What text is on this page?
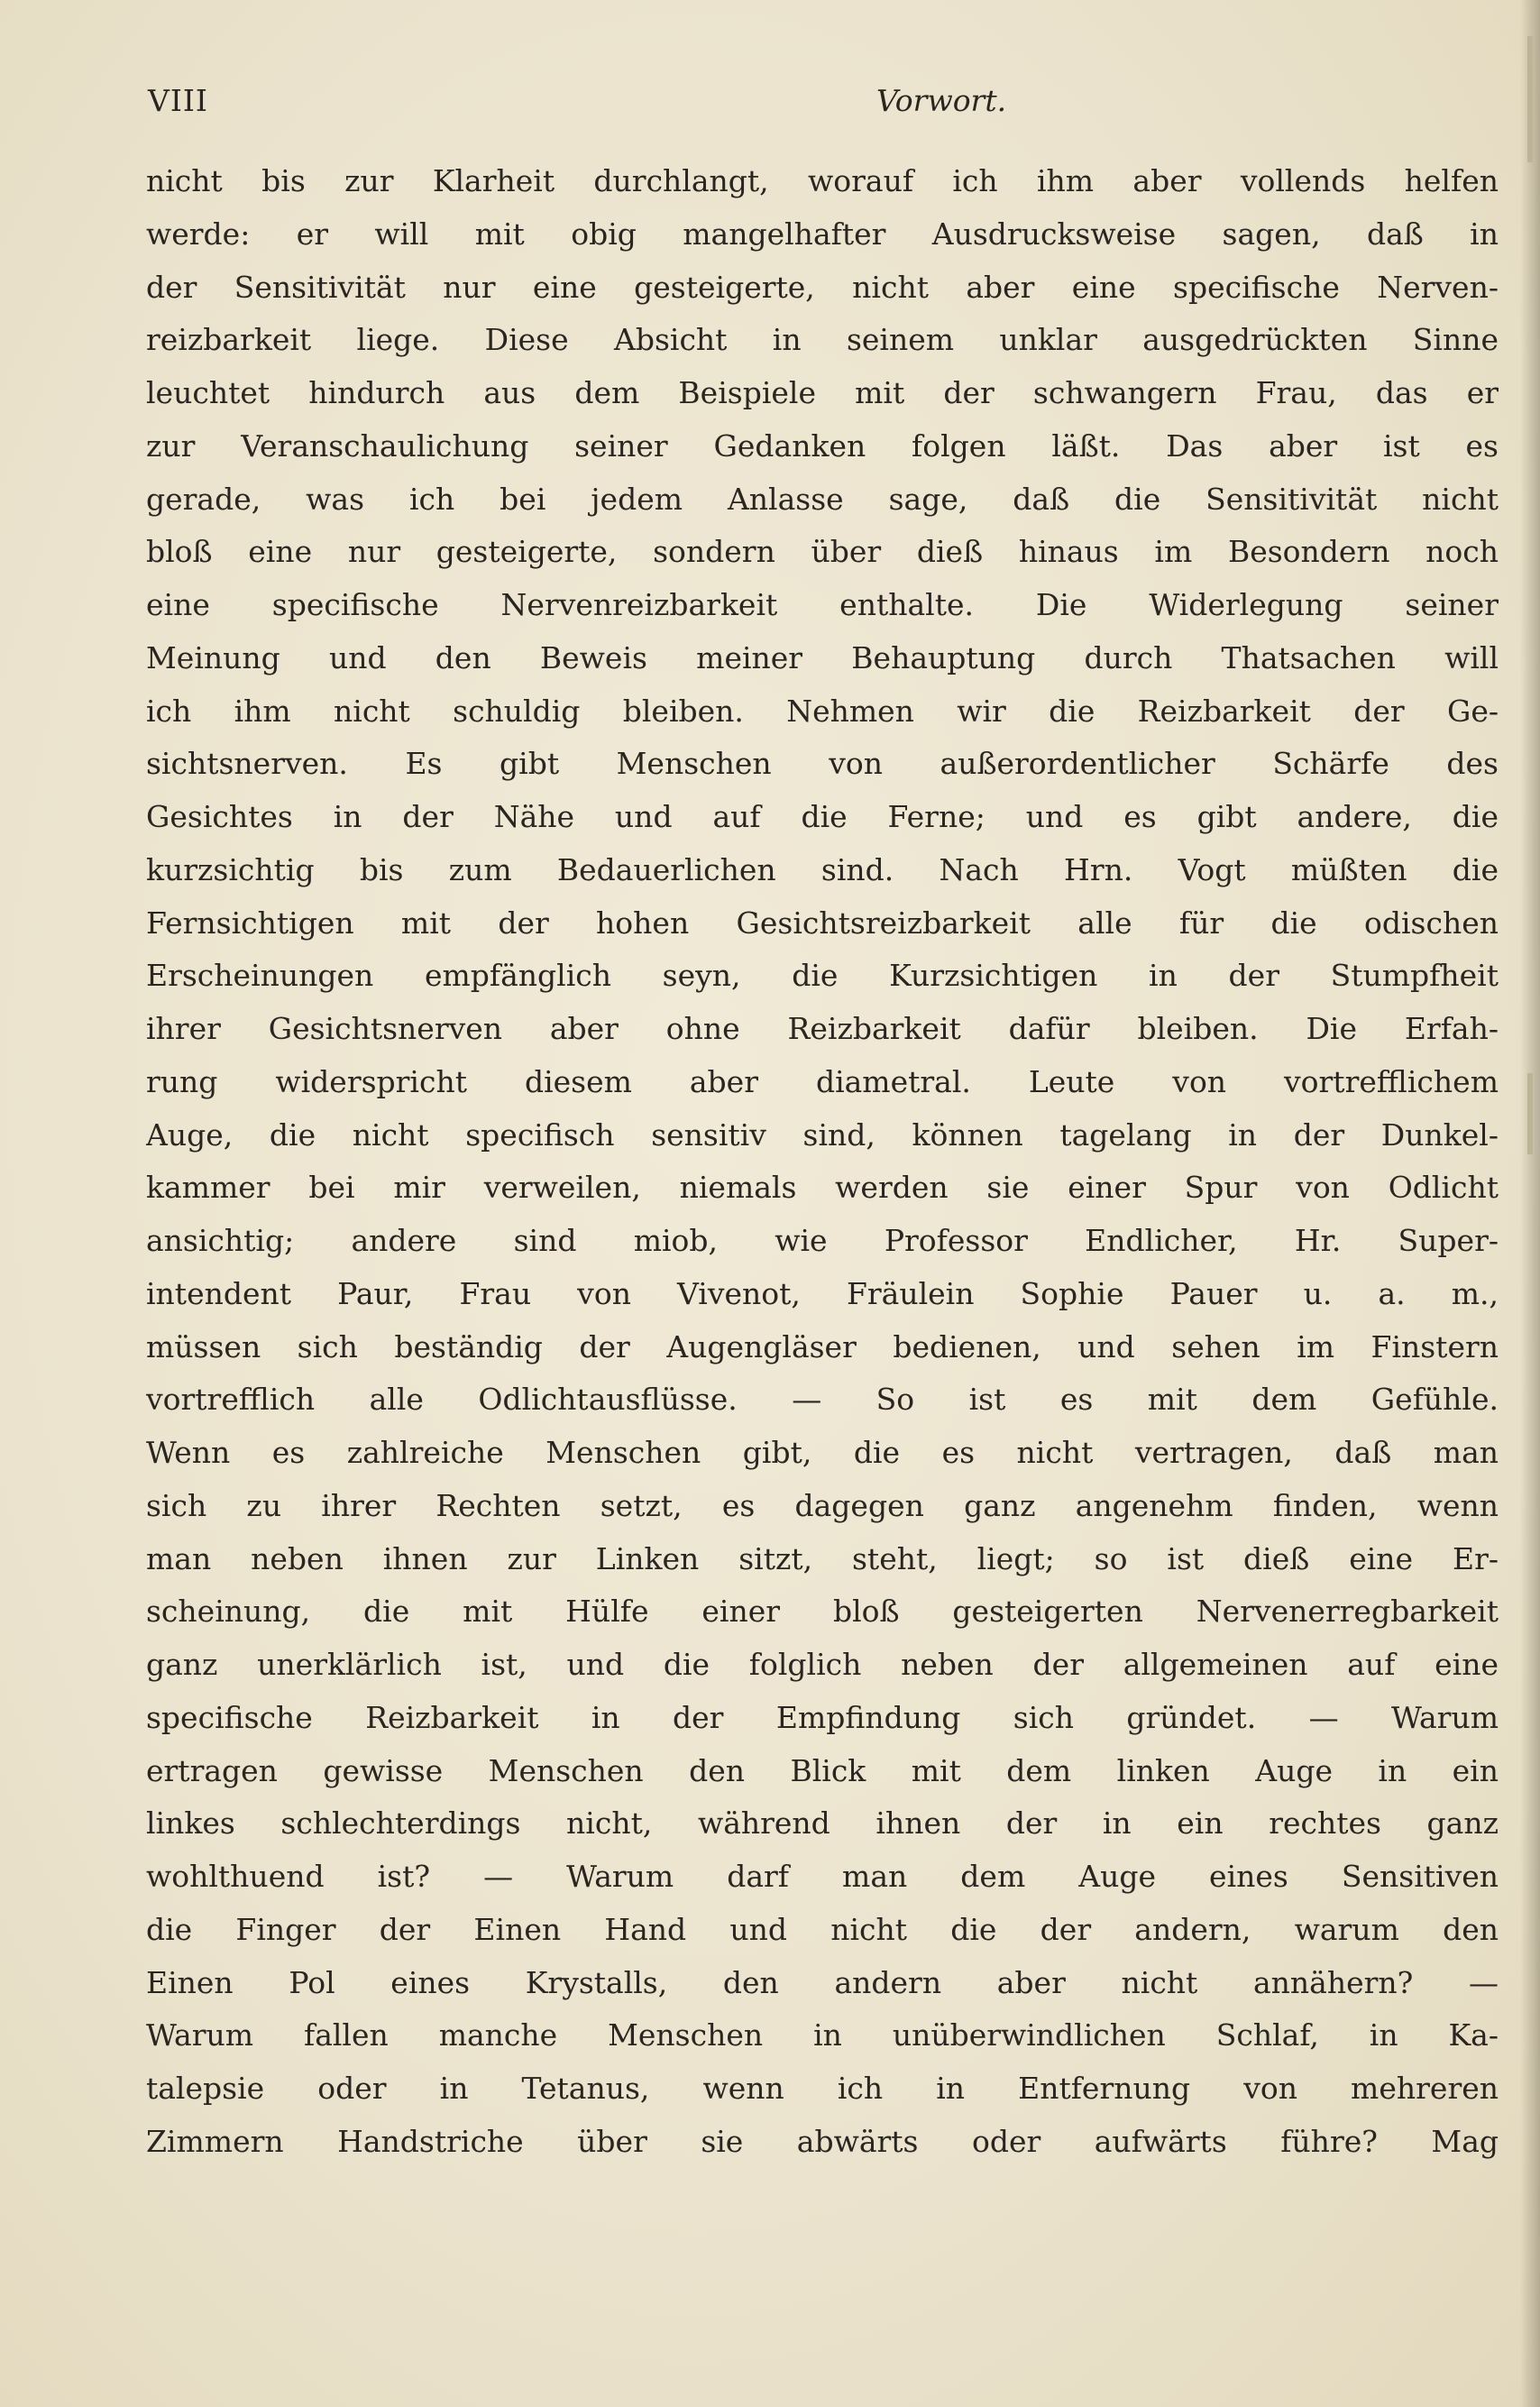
VIII	Vorwort.
nicht bis zur Klarheit durchlangt, worauf ich ihm aber vollends helfen
werde: er will mit obig mangelhafter Ausdrucksweise sagen, daß in
der Sensitivität nur eine gesteigerte, nicht aber eine specifische Nerven-
reizbarkeit liege. Diese Absicht in seinem unklar ausgedrückten Sinne
leuchtet hindurch aus dem Beispiele mit der schwangern Frau, das er
zur Veranschaulichung seiner Gedanken folgen läßt. Das aber ist es
gerade, was ich bei jedem Anlasse sage, daß die Sensitivität nicht
bloß eine nur gesteigerte, sondern über dieß hinaus im Besondern noch
eine specifische Nervenreizbarkeit enthalte. Die Widerlegung seiner
Meinung und den Beweis meiner Behauptung durch Thatsachen will
ich ihm nicht schuldig bleiben. Nehmen wir die Reizbarkeit der Ge-
sichtsnerven. Es gibt Menschen von außerordentlicher Schärfe des
Gesichtes in der Nähe und auf die Ferne; und es gibt andere, die
kurzsichtig bis zum Bedauerlichen sind. Nach Hrn. Vogt müßten die
Fernsichtigen mit der hohen Gesichtsreizbarkeit alle für die odischen
Erscheinungen empfänglich seyn, die Kurzsichtigen in der Stumpfheit
ihrer Gesichtsnerven aber ohne Reizbarkeit dafür bleiben. Die Erfah-
rung widerspricht diesem aber diametral. Leute von vortrefflichem
Auge, die nicht specifisch sensitiv sind, können tagelang in der Dunkel-
kammer bei mir verweilen, niemals werden sie einer Spur von Odlicht
ansichtig; andere sind miob, wie Professor Endlicher, Hr. Super-
intendent Paur, Frau von Vivenot, Fräulein Sophie Pauer u. a. m.,
müssen sich beständig der Augengläser bedienen, und sehen im Finstern
vortrefflich alle Odlichtausflüsse. — So ist es mit dem Gefühle.
Wenn es zahlreiche Menschen gibt, die es nicht vertragen, daß man
sich zu ihrer Rechten setzt, es dagegen ganz angenehm finden, wenn
man neben ihnen zur Linken sitzt, steht, liegt; so ist dieß eine Er-
scheinung, die mit Hülfe einer bloß gesteigerten Nervenerregbarkeit
ganz unerklärlich ist, und die folglich neben der allgemeinen auf eine
specifische Reizbarkeit in der Empfindung sich gründet. — Warum
ertragen gewisse Menschen den Blick mit dem linken Auge in ein
linkes schlechterdings nicht, während ihnen der in ein rechtes ganz
wohlthuend ist? — Warum darf man dem Auge eines Sensitiven
die Finger der Einen Hand und nicht die der andern, warum den
Einen Pol eines Krystalls, den andern aber nicht annähern? —
Warum fallen manche Menschen in unüberwindlichen Schlaf, in Ka-
talepsie oder in Tetanus, wenn ich in Entfernung von mehreren
Zimmern Handstriche über sie abwärts oder aufwärts führe? Mag
